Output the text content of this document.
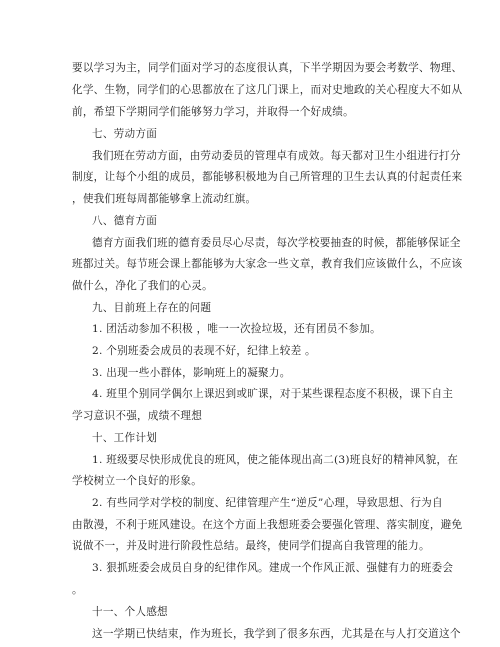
要以学习为主，同学们面对学习的态度很认真，下半学期因为要会考数学、物理、
化学、生物，同学们的心思都放在了这几门课上，而对史地政的关心程度大不如从
前，希望下学期同学们能够努力学习，并取得一个好成绩。
七、劳动方面
我们班在劳动方面，由劳动委员的管理卓有成效。每天都对卫生小组进行打分
制度，让每个小组的成员，都能够积极地为自己所管理的卫生去认真的付起责任来
，使我们班每周都能够拿上流动红旗。
八、德育方面
德育方面我们班的德育委员尽心尽责，每次学校要抽查的时候，都能够保证全
班都过关。每节班会课上都能够为大家念一些文章，教育我们应该做什么，不应该
做什么，净化了我们的心灵。
九、目前班上存在的问题
1. 团活动参加不积极 ，唯一一次捡垃圾，还有团员不参加。
2. 个别班委会成员的表现不好，纪律上较差 。
3. 出现一些小群体，影响班上的凝聚力。
4. 班里个别同学偶尔上课迟到或旷课，对于某些课程态度不积极，课下自主
学习意识不强，成绩不理想
十、工作计划
1. 班级要尽快形成优良的班风，使之能体现出高二(3)班良好的精神风貌，在
学校树立一个良好的形象。
2. 有些同学对学校的制度、纪律管理产生“逆反”心理，导致思想、行为自
由散漫，不利于班风建设。在这个方面上我想班委会要强化管理、落实制度，避免
说做不一，并及时进行阶段性总结。最终，使同学们提高自我管理的能力。
3. 狠抓班委会成员自身的纪律作风。建成一个作风正派、强健有力的班委会
。
十一、个人感想
这一学期已快结束，作为班长，我学到了很多东西，尤其是在与人打交道这个
